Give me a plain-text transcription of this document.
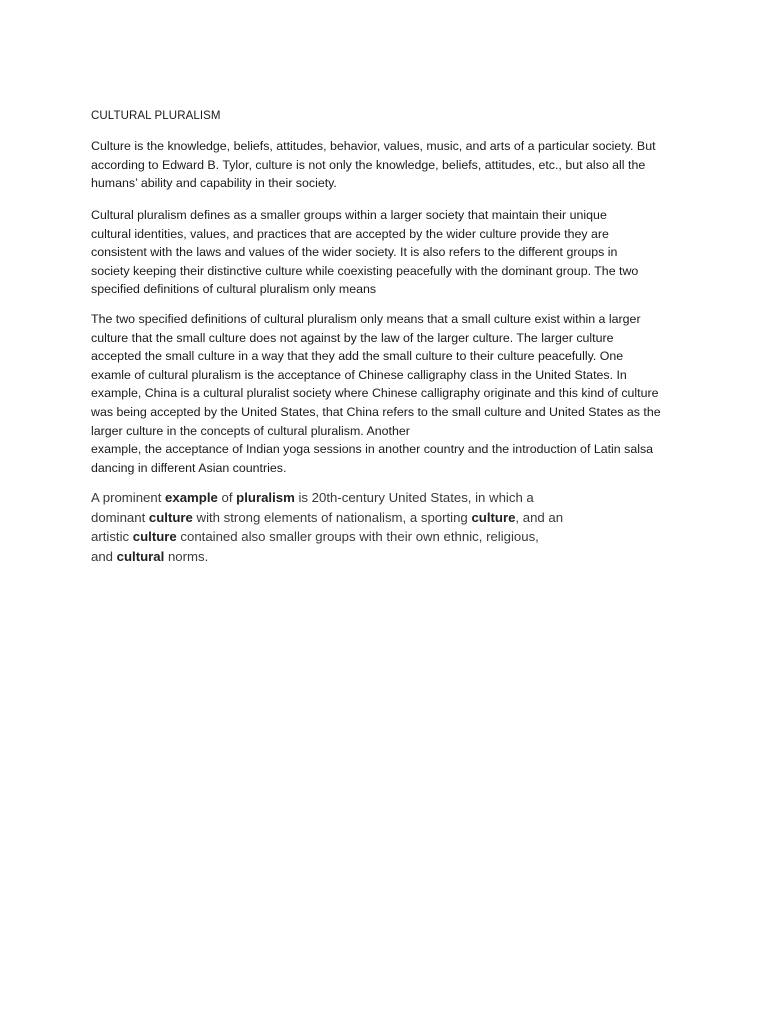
CULTURAL PLURALISM

Culture is the knowledge, beliefs, attitudes, behavior, values, music, and arts of a particular society. But
according to Edward B. Tylor, culture is not only the knowledge, beliefs, attitudes, etc., but also all the
humans’ ability and capability in their society.

Cultural pluralism defines as a smaller groups within a larger society that maintain their unique
cultural identities, values, and practices that are accepted by the wider culture provide they are
consistent with the laws and values of the wider society. It is also refers to the different groups in
society keeping their distinctive culture while coexisting peacefully with the dominant group. The two
specified definitions of cultural pluralism only means

The two specified definitions of cultural pluralism only means that a small culture exist within a larger
culture that the small culture does not against by the law of the larger culture. The larger culture
accepted the small culture in a way that they add the small culture to their culture peacefully. One
examle of cultural pluralism is the acceptance of Chinese calligraphy class in the United States. In
example, China is a cultural pluralist society where Chinese calligraphy originate and this kind of culture
was being accepted by the United States, that China refers to the small culture and United States as the
larger culture in the concepts of cultural pluralism. Another
example, the acceptance of Indian yoga sessions in another country and the introduction of Latin salsa
dancing in different Asian countries.

A prominent example of pluralism is 20th-century United States, in which a
dominant culture with strong elements of nationalism, a sporting culture, and an
artistic culture contained also smaller groups with their own ethnic, religious,
and cultural norms.
